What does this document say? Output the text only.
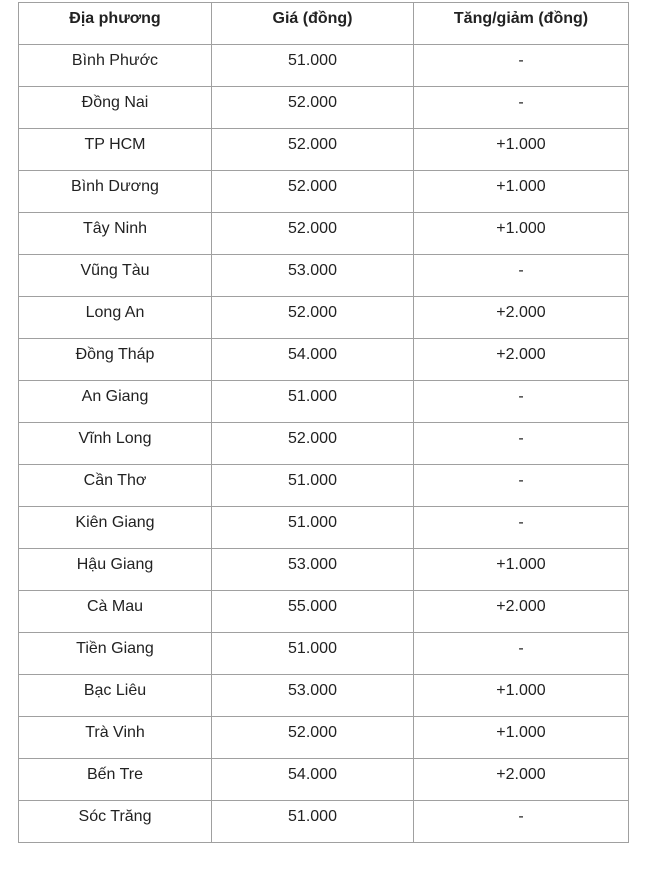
Địa phương	Giá (đồng)	Tăng/giảm (đồng)
Bình Phước	51.000	-
Đồng Nai	52.000	-
TP HCM	52.000	+1.000
Bình Dương	52.000	+1.000
Tây Ninh	52.000	+1.000
Vũng Tàu	53.000	-
Long An	52.000	+2.000
Đồng Tháp	54.000	+2.000
An Giang	51.000	-
Vĩnh Long	52.000	-
Cần Thơ	51.000	-
Kiên Giang	51.000	-
Hậu Giang	53.000	+1.000
Cà Mau	55.000	+2.000
Tiền Giang	51.000	-
Bạc Liêu	53.000	+1.000
Trà Vinh	52.000	+1.000
Bến Tre	54.000	+2.000
Sóc Trăng	51.000	-
